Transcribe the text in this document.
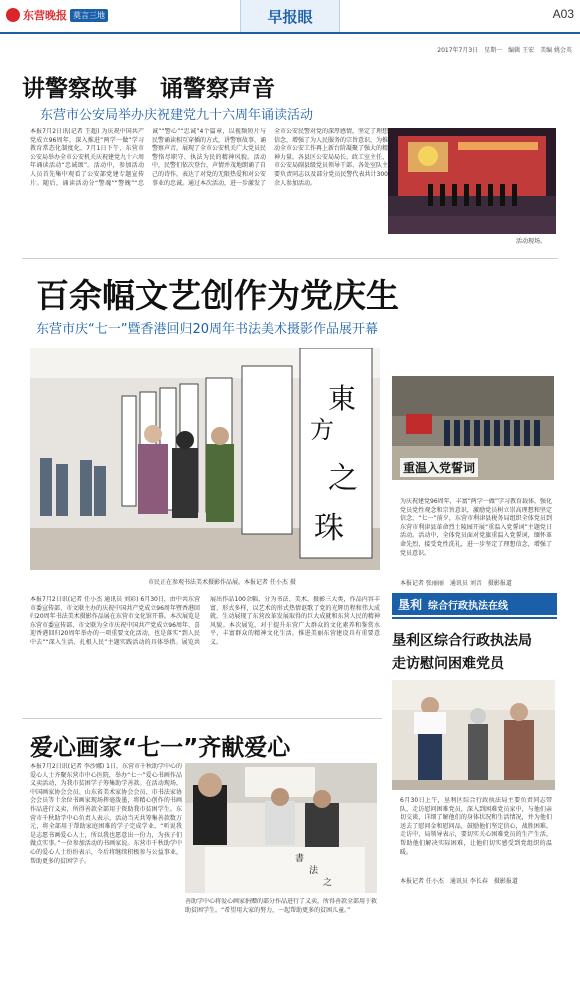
东营晚报 莫言三地	早报眼	A03
2017年7月3日　星期一　编辑 王宏　美编 姚会英
讲警察故事　诵警察声音
东营市公安局举办庆祝建党九十六周年诵读活动
本报7月2日讯(记者 王超) 为庆祝中国共产党成立96周年，深入推进“两学一做”学习教育常态化制度化，7月1日下午，东营市公安局举办全市公安机关庆祝建党九十六周年诵读活动“忠诚颂”。活动中，参加活动人员首先集中观看了公安部党建专题宣传片。随后，诵读活动分“警魂”“警魄”“忠诚”“警心”“忠诚”4个篇章，以视频短片与民警诵读相互穿插的方式，讲警察故事，诵警察声音，展现了全市公安机关广大党员民警恪尽职守、执法为民的精神风貌。活动中，民警们依次登台，声情并茂地朗诵了自己的诗作，表达了对党的无限热爱和对公安事业的忠诚。通过本次活动，进一步激发了全市公安民警对党的深厚感情，坚定了理想信念，增强了为人民服务的宗旨意识，为推动全市公安工作再上新台阶凝聚了强大的精神力量。各县区公安局局长、政工室主任、市公安局副县级党员领导干部、各处室队主要负责同志以及部分党员民警代表共计300余人参加活动。
活动现场。
百余幅文艺创作为党庆生
东营市庆“七一”暨香港回归20周年书法美术摄影作品展开幕
東
方
之
珠
市民正在参观书法美术摄影作品展。本报记者 任小杰 摄
本报7月2日讯(记者 任小杰 通讯员 刘彩) 6月30日，由中共东营市委宣传部、市文联主办的庆祝中国共产党成立96周年暨香港回归20周年书法美术摄影作品展在东营市文化馆开幕。本次展览是东营市委宣传部、市文联为全市庆祝中国共产党成立96周年、喜迎香港回归20周年举办的一项重要文化活动，也是落实“到人民中去”“深入生活、扎根人民”主题实践活动的具体举措。展览共展出作品100余幅，分为书法、美术、摄影三大类，作品内容丰富、形式多样，以艺术的形式热情讴歌了党的光辉历程和伟大成就，生动展现了东营改革发展取得的巨大成就和东营人民的精神风貌。本次展览，对于提升东营广大群众的文化素养和鉴赏水平，丰富群众的精神文化生活，推进美丽东营建设具有重要意义。
爱心画家“七一”齐献爱心
本报7月2日讯(记者 李沙娜) 1日，东营市千秋助学中心的爱心人士齐聚东营市中心医院，举办“七一”爱心书画作品义卖活动，为我市贫困学子筹集助学善款。在活动现场，中国画家协会会员、山东省美术家协会会员、市书法家协会会员等十余位书画家现场挥毫泼墨，将精心创作的书画作品进行义卖，所得善款全部用于资助我市贫困学生。东营市千秋助学中心负责人表示，活动当天共筹集善款数万元，将全部用于帮助家庭困难的学子完成学业。“听说我是志愿书画爱心人士，所以我也愿意出一份力，为孩子们做点实事。”一位参加活动的书画家说。东营市千秋助学中心的爱心人士纷纷表示，今后将继续积极参与公益事业，帮助更多的贫困学子。	書
法
之
善助学中心将爱心画家捐赠的部分作品进行了义卖，所得善款全部用于救助贫困学生。“希望用大家的努力，一起帮助更多的贫困儿童。”
重温入党誓词
为庆祝建党96周年，丰富“两学一做”学习教育载体，强化党员党性观念和宗旨意识，激励党员树立崇高理想和坚定信念，“七一”前夕，东营市利津县税务局组织全体党员到东营市利津县革命烈士陵园开展“重温入党誓词”主题党日活动。活动中，全体党员面对党旗重温入党誓词，缅怀革命先烈，接受党性洗礼，进一步坚定了理想信念，增强了党员意识。
本报记者 张丽丽　通讯员 刘音　摄影报道
垦利 综合行政执法在线
垦利区综合行政执法局
走访慰问困难党员
6月30日上午，垦利区综合行政执法局主要负责同志带队，走访慰问困难党员，深入到困难党员家中，与他们亲切交谈，详细了解他们的身体状况和生活情况，并为他们送去了慰问金和慰问品，鼓励他们坚定信心，战胜困难。走访中，局领导表示，要切实关心困难党员的生产生活，帮助他们解决实际困难，让他们切实感受到党组织的温暖。
本报记者 任小杰　通讯员 李长春　摄影报道
